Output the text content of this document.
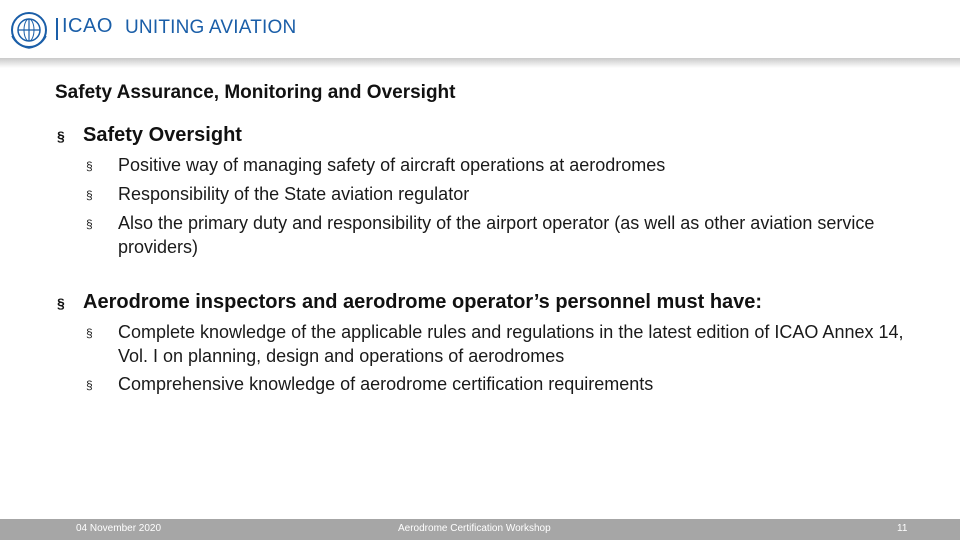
ICAO UNITING AVIATION
Safety Assurance, Monitoring and Oversight
§ Safety Oversight
§	Positive way of managing safety of aircraft operations at aerodromes
§	Responsibility of the State aviation regulator
§	Also the primary duty and responsibility of the airport operator (as well as other aviation service providers)
§ Aerodrome inspectors and aerodrome operator’s personnel must have:
§	Complete knowledge of the applicable rules and regulations in the latest edition of ICAO Annex 14, Vol. I on planning, design and operations of aerodromes
§	Comprehensive knowledge of aerodrome certification requirements
04 November 2020	Aerodrome Certification Workshop	11
